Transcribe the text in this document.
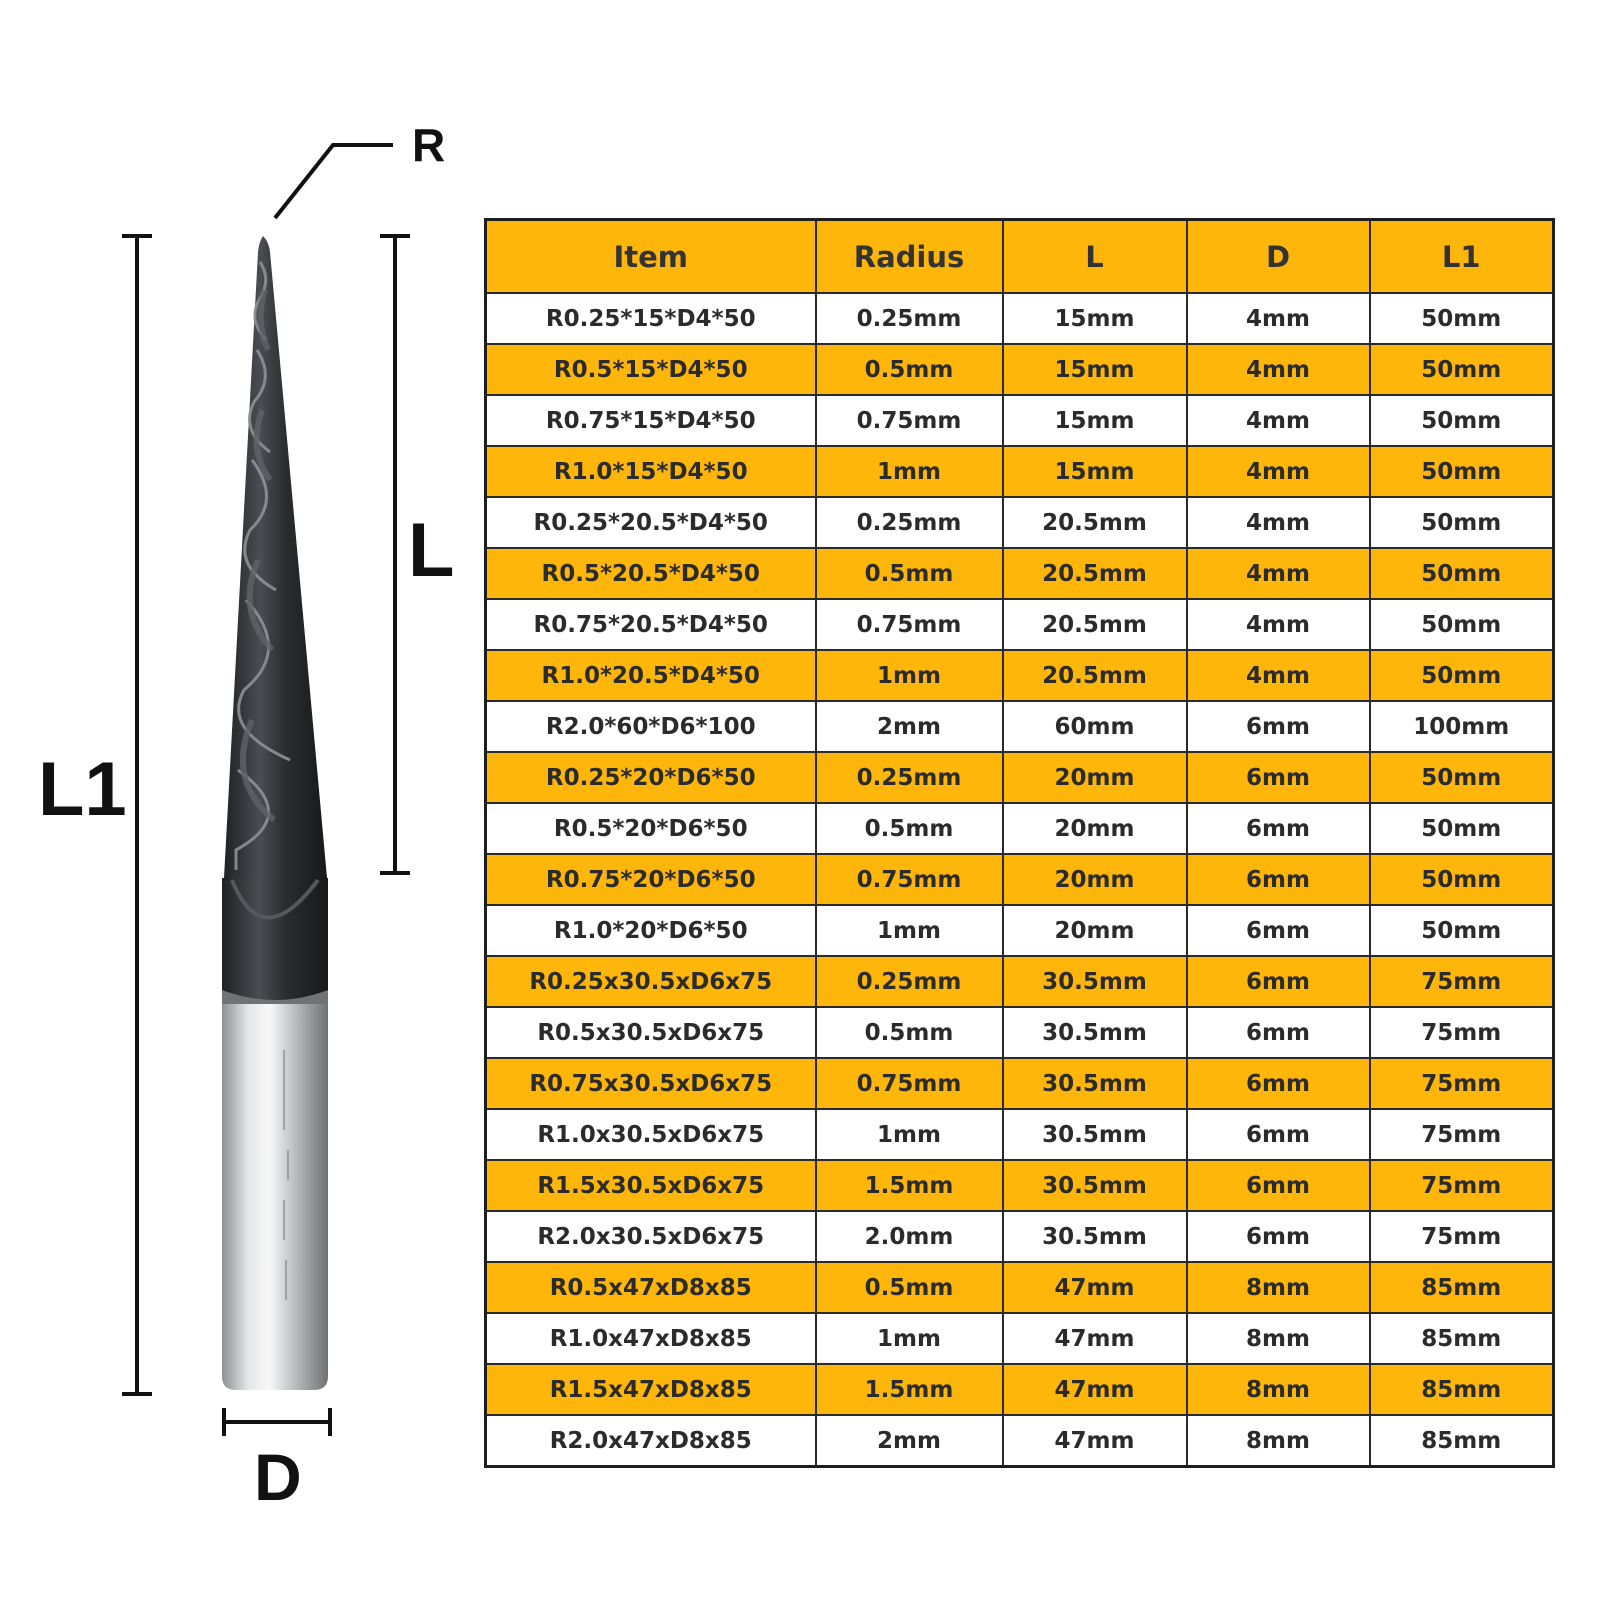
R
L
L1
D
Item	Radius	L	D	L1
R0.25*15*D4*50	0.25mm	15mm	4mm	50mm
R0.5*15*D4*50	0.5mm	15mm	4mm	50mm
R0.75*15*D4*50	0.75mm	15mm	4mm	50mm
R1.0*15*D4*50	1mm	15mm	4mm	50mm
R0.25*20.5*D4*50	0.25mm	20.5mm	4mm	50mm
R0.5*20.5*D4*50	0.5mm	20.5mm	4mm	50mm
R0.75*20.5*D4*50	0.75mm	20.5mm	4mm	50mm
R1.0*20.5*D4*50	1mm	20.5mm	4mm	50mm
R2.0*60*D6*100	2mm	60mm	6mm	100mm
R0.25*20*D6*50	0.25mm	20mm	6mm	50mm
R0.5*20*D6*50	0.5mm	20mm	6mm	50mm
R0.75*20*D6*50	0.75mm	20mm	6mm	50mm
R1.0*20*D6*50	1mm	20mm	6mm	50mm
R0.25x30.5xD6x75	0.25mm	30.5mm	6mm	75mm
R0.5x30.5xD6x75	0.5mm	30.5mm	6mm	75mm
R0.75x30.5xD6x75	0.75mm	30.5mm	6mm	75mm
R1.0x30.5xD6x75	1mm	30.5mm	6mm	75mm
R1.5x30.5xD6x75	1.5mm	30.5mm	6mm	75mm
R2.0x30.5xD6x75	2.0mm	30.5mm	6mm	75mm
R0.5x47xD8x85	0.5mm	47mm	8mm	85mm
R1.0x47xD8x85	1mm	47mm	8mm	85mm
R1.5x47xD8x85	1.5mm	47mm	8mm	85mm
R2.0x47xD8x85	2mm	47mm	8mm	85mm
